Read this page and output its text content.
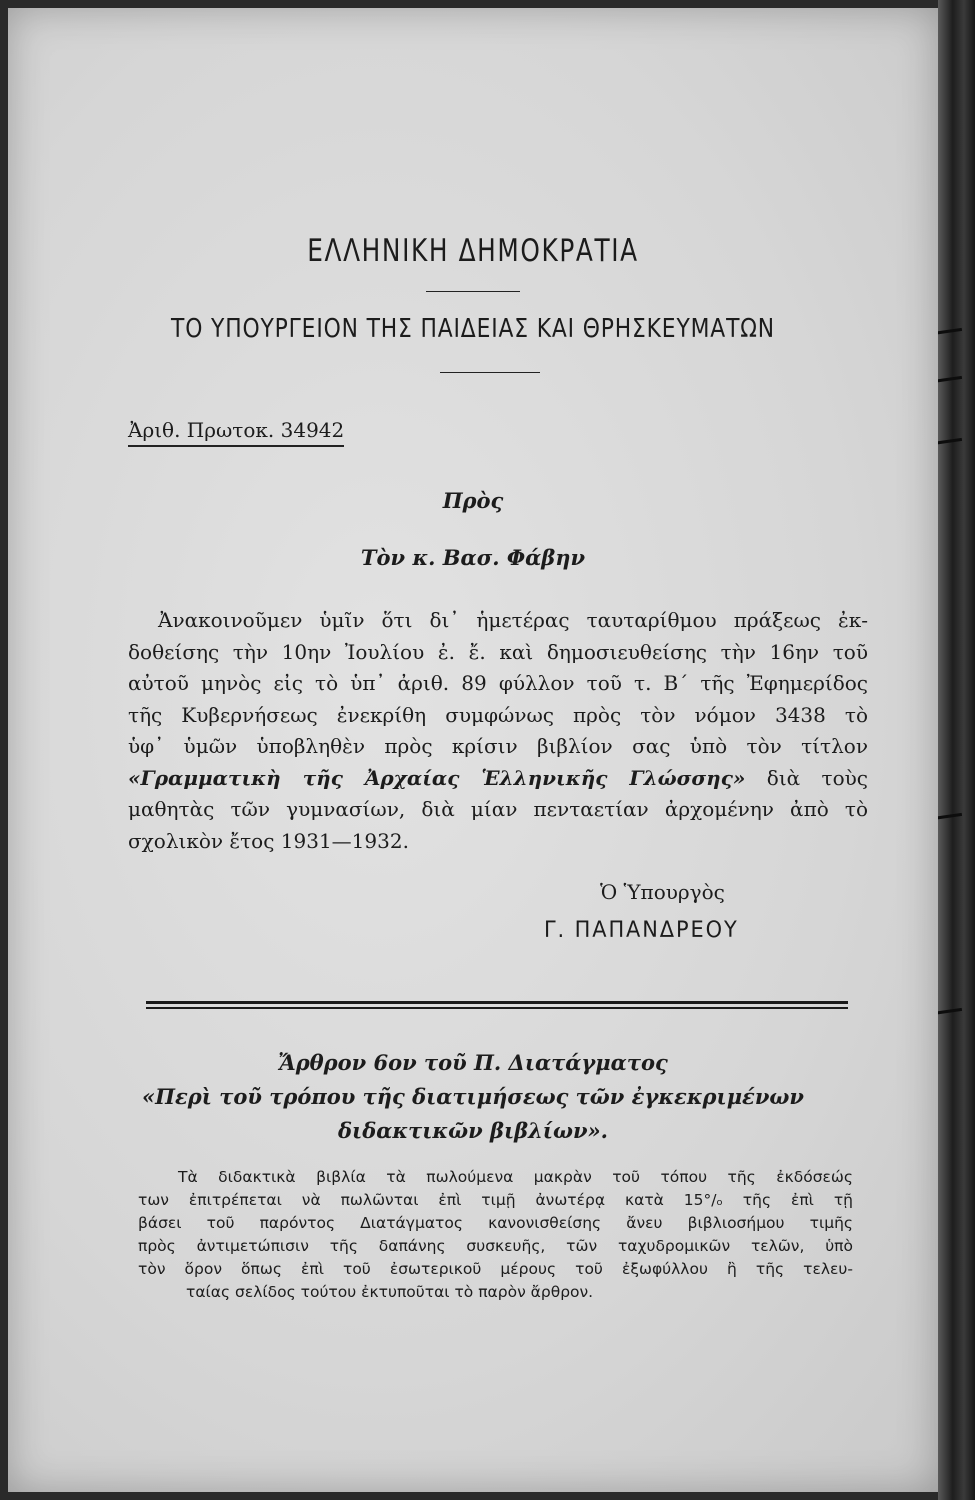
ΕΛΛΗΝΙΚΗ ΔΗΜΟΚΡΑΤΙΑ
ΤΟ ΥΠΟΥΡΓΕΙΟΝ ΤΗΣ ΠΑΙΔΕΙΑΣ ΚΑΙ ΘΡΗΣΚΕΥΜΑΤΩΝ
Ἀριθ. Πρωτοκ. 34942
Πρὸς
Τὸν κ. Βασ. Φάβην
Ἀνακοινοῦμεν ὑμῖν ὅτι δι᾿ ἡμετέρας ταυταρίθμου πράξεως ἐκ-
δοθείσης τὴν 10ην Ἰουλίου ἐ. ἔ. καὶ δημοσιευθείσης τὴν 16ην τοῦ
αὐτοῦ μηνὸς εἰς τὸ ὑπ᾿ ἀριθ. 89 φύλλον τοῦ τ. Β΄ τῆς Ἐφημερίδος
τῆς Κυβερνήσεως ἐνεκρίθη συμφώνως πρὸς τὸν νόμον 3438 τὸ
ὑφ᾿ ὑμῶν ὑποβληθὲν πρὸς κρίσιν βιβλίον σας ὑπὸ τὸν τίτλον
«Γραμματικὴ τῆς Ἀρχαίας Ἑλληνικῆς Γλώσσης» διὰ τοὺς
μαθητὰς τῶν γυμνασίων, διὰ μίαν πενταετίαν ἀρχομένην ἀπὸ τὸ
σχολικὸν ἔτος 1931—1932.
Ὁ Ὑπουργὸς
Γ. ΠΑΠΑΝΔΡΕΟΥ
Ἄρθρον 6ον τοῦ Π. Διατάγματος
«Περὶ τοῦ τρόπου τῆς διατιμήσεως τῶν ἐγκεκριμένων
διδακτικῶν βιβλίων».
Τὰ διδακτικὰ βιβλία τὰ πωλούμενα μακρὰν τοῦ τόπου τῆς ἐκδόσεώς
των ἐπιτρέπεται νὰ πωλῶνται ἐπὶ τιμῇ ἀνωτέρᾳ κατὰ 15°/ₒ τῆς ἐπὶ τῇ
βάσει τοῦ παρόντος Διατάγματος κανονισθείσης ἄνευ βιβλιοσήμου τιμῆς
πρὸς ἀντιμετώπισιν τῆς δαπάνης συσκευῆς, τῶν ταχυδρομικῶν τελῶν, ὑπὸ
τὸν ὅρον ὅπως ἐπὶ τοῦ ἐσωτερικοῦ μέρους τοῦ ἐξωφύλλου ἢ τῆς τελευ-
ταίας σελίδος τούτου ἐκτυποῦται τὸ παρὸν ἄρθρον.
